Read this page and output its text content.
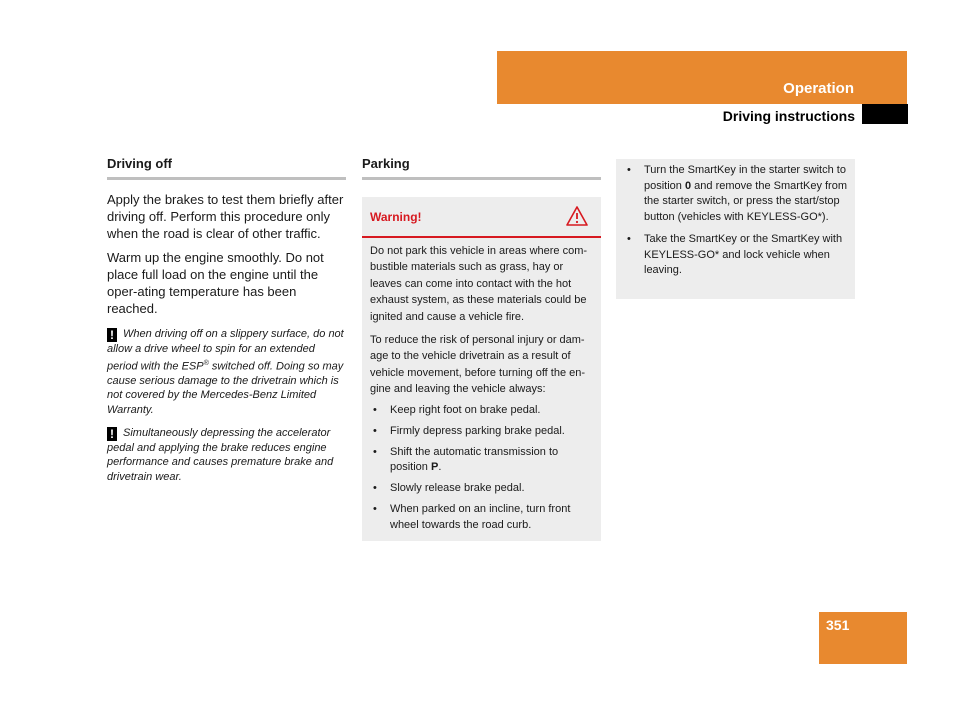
Operation
Driving instructions
Driving off

Apply the brakes to test them briefly after driving off. Perform this procedure only when the road is clear of other traffic.

Warm up the engine smoothly. Do not place full load on the engine until the oper-ating temperature has been reached.

! When driving off on a slippery surface, do not allow a drive wheel to spin for an extended period with the ESP® switched off. Doing so may cause serious damage to the drivetrain which is not covered by the Mercedes-Benz Limited Warranty.

! Simultaneously depressing the accelerator pedal and applying the brake reduces engine performance and causes premature brake and drivetrain wear.

Parking
Warning!

Do not park this vehicle in areas where com-bustible materials such as grass, hay or leaves can come into contact with the hot exhaust system, as these materials could be ignited and cause a vehicle fire.

To reduce the risk of personal injury or dam-age to the vehicle drivetrain as a result of vehicle movement, before turning off the en-gine and leaving the vehicle always:

• Keep right foot on brake pedal.
• Firmly depress parking brake pedal.
• Shift the automatic transmission to position P.
• Slowly release brake pedal.
• When parked on an incline, turn front wheel towards the road curb.
• Turn the SmartKey in the starter switch to position 0 and remove the SmartKey from the starter switch, or press the start/stop button (vehicles with KEYLESS-GO*).
• Take the SmartKey or the SmartKey with KEYLESS-GO* and lock vehicle when leaving.
351
